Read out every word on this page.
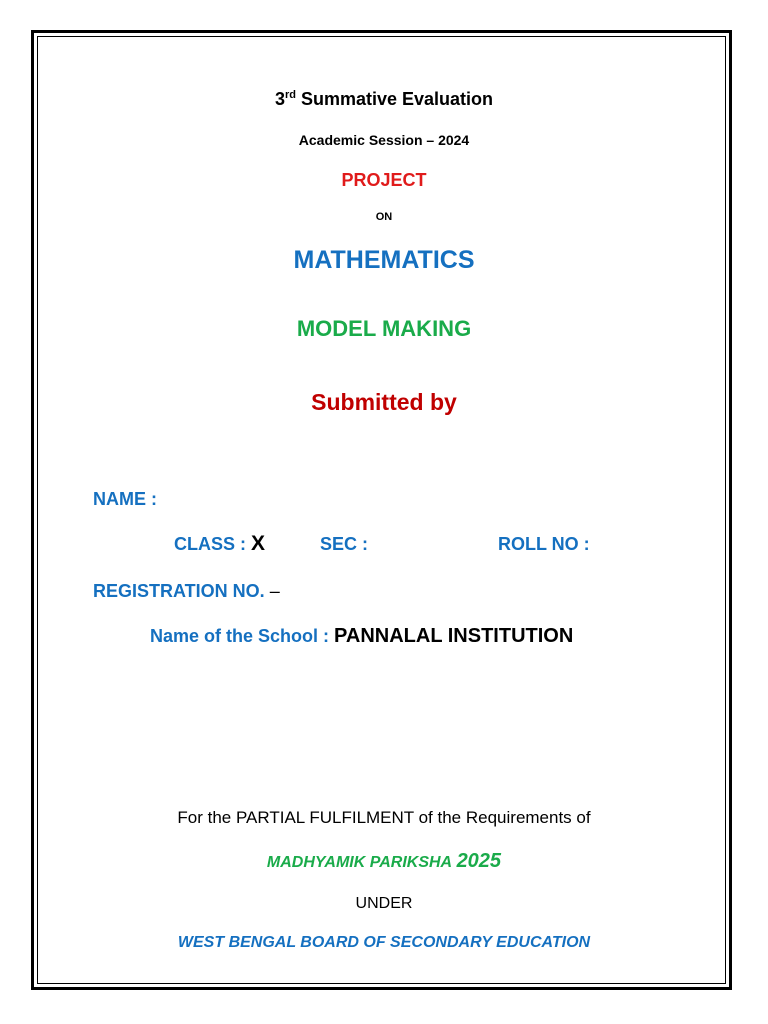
3rd Summative Evaluation
Academic Session – 2024
PROJECT
ON
MATHEMATICS
MODEL MAKING
Submitted by
NAME :
CLASS : X	SEC :	ROLL NO :
REGISTRATION NO. –
Name of the School : PANNALAL INSTITUTION
For the PARTIAL FULFILMENT of the Requirements of
MADHYAMIK PARIKSHA 2025
UNDER
WEST BENGAL BOARD OF SECONDARY EDUCATION
